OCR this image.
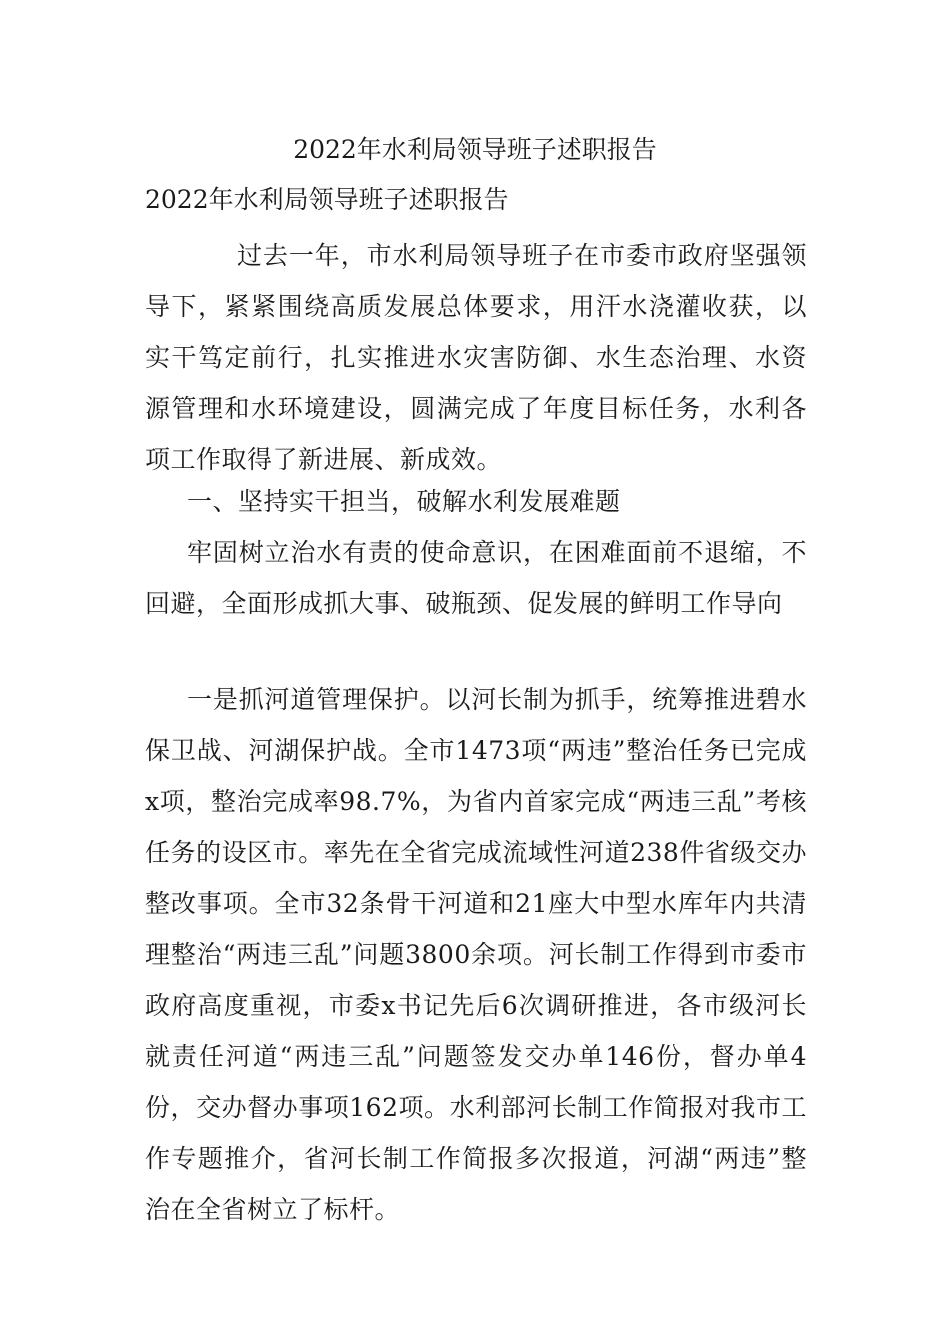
2022年水利局领导班子述职报告
2022年水利局领导班子述职报告

过去一年，市水利局领导班子在市委市政府坚强领导下，紧紧围绕高质发展总体要求，用汗水浇灌收获，以实干笃定前行，扎实推进水灾害防御、水生态治理、水资源管理和水环境建设，圆满完成了年度目标任务，水利各项工作取得了新进展、新成效。

一、坚持实干担当，破解水利发展难题

牢固树立治水有责的使命意识，在困难面前不退缩，不回避，全面形成抓大事、破瓶颈、促发展的鲜明工作导向

一是抓河道管理保护。以河长制为抓手，统筹推进碧水保卫战、河湖保护战。全市1473项“两违”整治任务已完成x项，整治完成率98.7%，为省内首家完成“两违三乱”考核任务的设区市。率先在全省完成流域性河道238件省级交办整改事项。全市32条骨干河道和21座大中型水库年内共清理整治“两违三乱”问题3800余项。河长制工作得到市委市政府高度重视，市委x书记先后6次调研推进，各市级河长就责任河道“两违三乱”问题签发交办单146份，督办单4份，交办督办事项162项。水利部河长制工作简报对我市工作专题推介，省河长制工作简报多次报道，河湖“两违”整治在全省树立了标杆。
